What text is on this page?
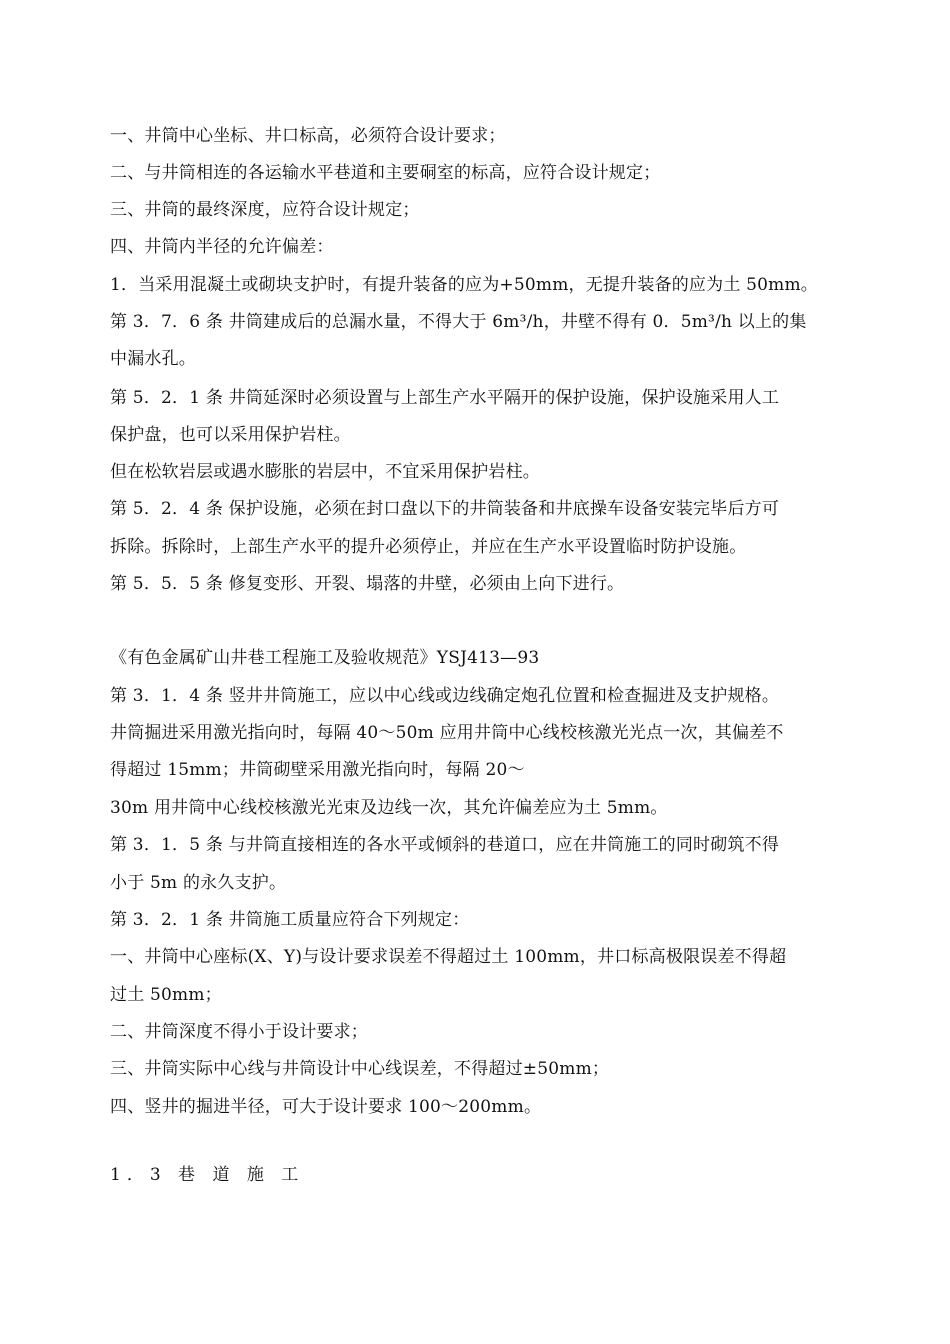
一、井筒中心坐标、井口标高，必须符合设计要求；
二、与井筒相连的各运输水平巷道和主要硐室的标高，应符合设计规定；
三、井筒的最终深度，应符合设计规定；
四、井筒内半径的允许偏差：
1．当采用混凝土或砌块支护时，有提升装备的应为+50mm，无提升装备的应为土 50mm。
第 3．7．6 条 井筒建成后的总漏水量，不得大于 6m³/h，井壁不得有 0．5m³/h 以上的集
中漏水孔。
第 5．2．1 条 井筒延深时必须设置与上部生产水平隔开的保护设施，保护设施采用人工
保护盘，也可以采用保护岩柱。
但在松软岩层或遇水膨胀的岩层中，不宜采用保护岩柱。
第 5．2．4 条 保护设施，必须在封口盘以下的井筒装备和井底操车设备安装完毕后方可
拆除。拆除时，上部生产水平的提升必须停止，并应在生产水平设置临时防护设施。
第 5．5．5 条 修复变形、开裂、塌落的井壁，必须由上向下进行。
《有色金属矿山井巷工程施工及验收规范》YSJ413—93
第 3．1．4 条 竖井井筒施工，应以中心线或边线确定炮孔位置和检查掘进及支护规格。
井筒掘进采用激光指向时，每隔 40～50m 应用井筒中心线校核激光光点一次，其偏差不
得超过 15mm；井筒砌壁采用激光指向时，每隔 20～
30m 用井筒中心线校核激光光束及边线一次，其允许偏差应为土 5mm。
第 3．1．5 条 与井筒直接相连的各水平或倾斜的巷道口，应在井筒施工的同时砌筑不得
小于 5m 的永久支护。
第 3．2．1 条 井筒施工质量应符合下列规定：
一、井筒中心座标(X、Y)与设计要求误差不得超过土 100mm，井口标高极限误差不得超
过土 50mm；
二、井筒深度不得小于设计要求；
三、井筒实际中心线与井筒设计中心线误差，不得超过±50mm；
四、竖井的掘进半径，可大于设计要求 100～200mm。
1．3 巷 道 施 工
